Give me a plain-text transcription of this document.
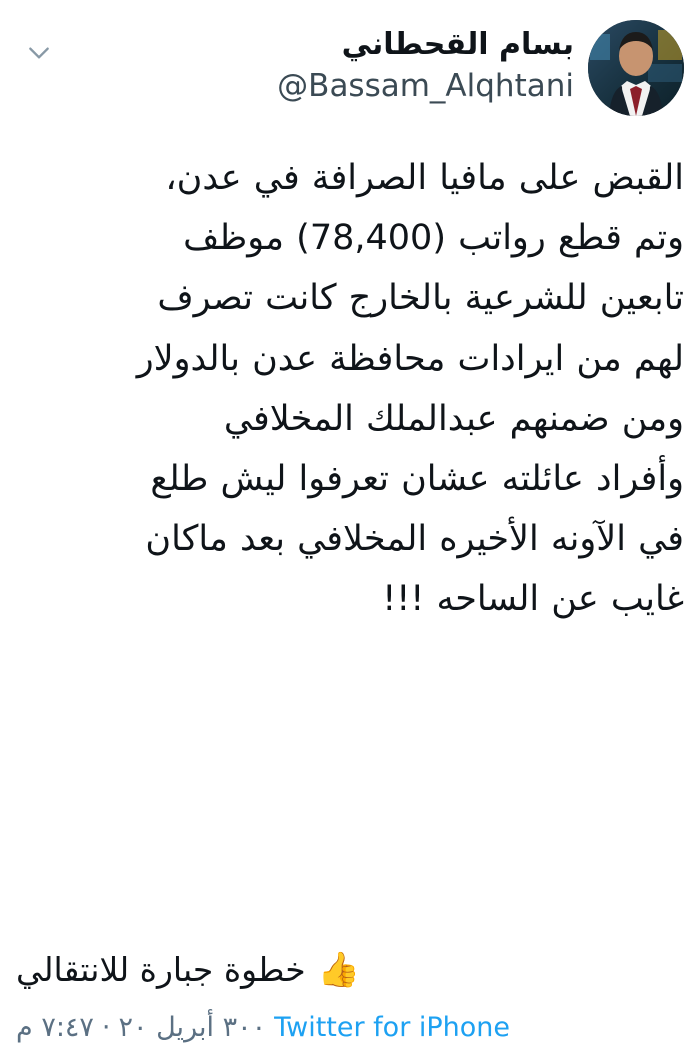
بسام القحطاني
@Bassam_Alqhtani
القبض على مافيا الصرافة في عدن،
وتم قطع رواتب (78,400) موظف
تابعين للشرعية بالخارج كانت تصرف
لهم من ايرادات محافظة عدن بالدولار
ومن ضمنهم عبدالملك المخلافي
وأفراد عائلته عشان تعرفوا ليش طلع
في الآونه الأخيره المخلافي بعد ماكان
غايب عن الساحه !!!
👍
خطوة جبارة للانتقالي
Twitter for iPhone
٣٠٠ أبريل ٢٠
·
٧:٤٧ م
